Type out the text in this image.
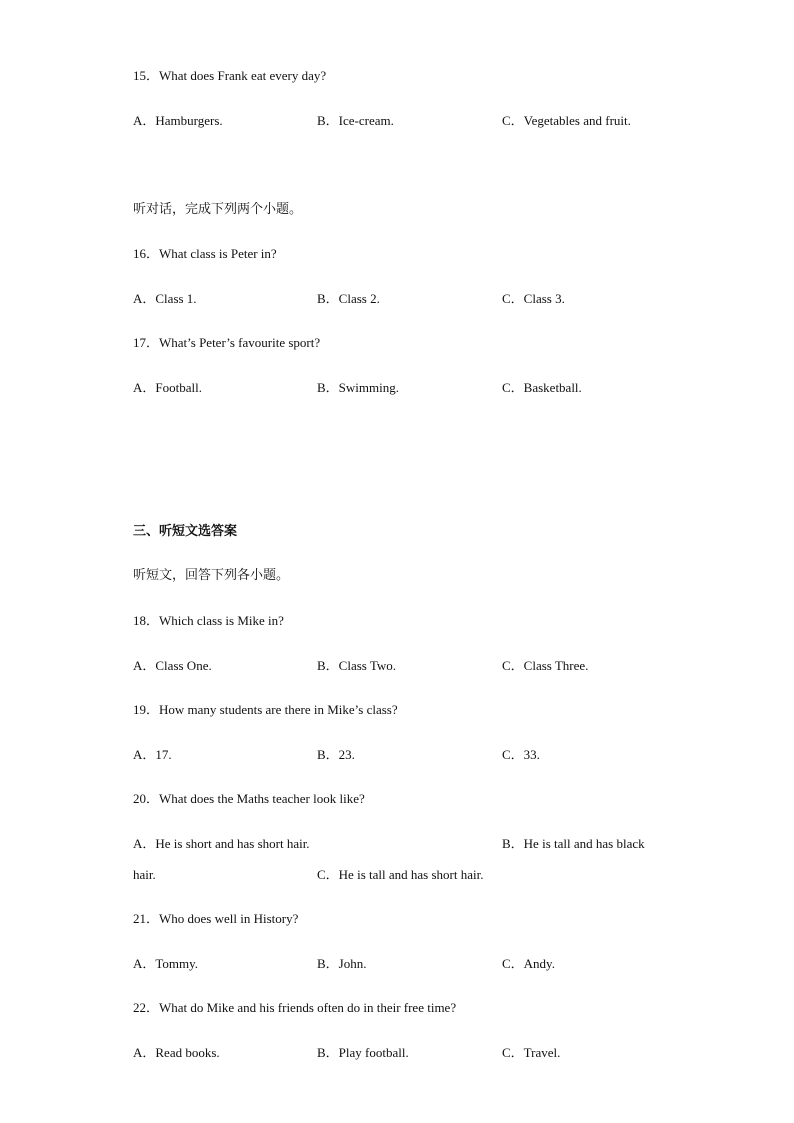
15．What does Frank eat every day?
A．Hamburgers.	B．Ice-cream.	C．Vegetables and fruit.
听对话，完成下列两个小题。
16．What class is Peter in?
A．Class 1.	B．Class 2.	C．Class 3.
17．What’s Peter’s favourite sport?
A．Football.	B．Swimming.	C．Basketball.
三、听短文选答案
听短文，回答下列各小题。
18．Which class is Mike in?
A．Class One.	B．Class Two.	C．Class Three.
19．How many students are there in Mike’s class?
A．17.	B．23.	C．33.
20．What does the Maths teacher look like?
A．He is short and has short hair.	B．He is tall and has black
hair.	C．He is tall and has short hair.
21．Who does well in History?
A．Tommy.	B．John.	C．Andy.
22．What do Mike and his friends often do in their free time?
A．Read books.	B．Play football.	C．Travel.
